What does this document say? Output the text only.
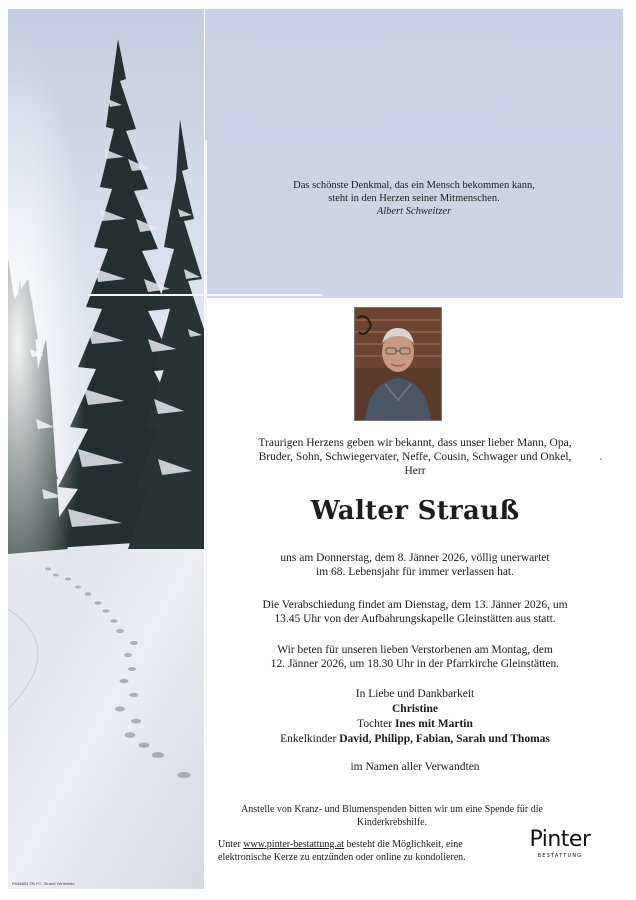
R046834 ©B.FC. Strauß Winterbild
Das schönste Denkmal, das ein Mensch bekommen kann,
steht in den Herzen seiner Mitmenschen.
Albert Schweitzer
Traurigen Herzens geben wir bekannt, dass unser lieber Mann, Opa,
Bruder, Sohn, Schwiegervater, Neffe, Cousin, Schwager und Onkel,
Herr
Walter Strauß
uns am Donnerstag, dem 8. Jänner 2026, völlig unerwartet
im 68. Lebensjahr für immer verlassen hat.
Die Verabschiedung findet am Dienstag, dem 13. Jänner 2026, um
13.45 Uhr von der Aufbahrungskapelle Gleinstätten aus statt.
Wir beten für unseren lieben Verstorbenen am Montag, dem
12. Jänner 2026, um 18.30 Uhr in der Pfarrkirche Gleinstätten.
In Liebe und Dankbarkeit
Christine
Tochter Ines mit Martin
Enkelkinder David, Philipp, Fabian, Sarah und Thomas
im Namen aller Verwandten
Anstelle von Kranz- und Blumenspenden bitten wir um eine Spende für die
Kinderkrebshilfe.
Unter www.pinter-bestattung.at besteht die Möglichkeit, eine
elektronische Kerze zu entzünden oder online zu kondolieren.
Pinter
BESTATTUNG
